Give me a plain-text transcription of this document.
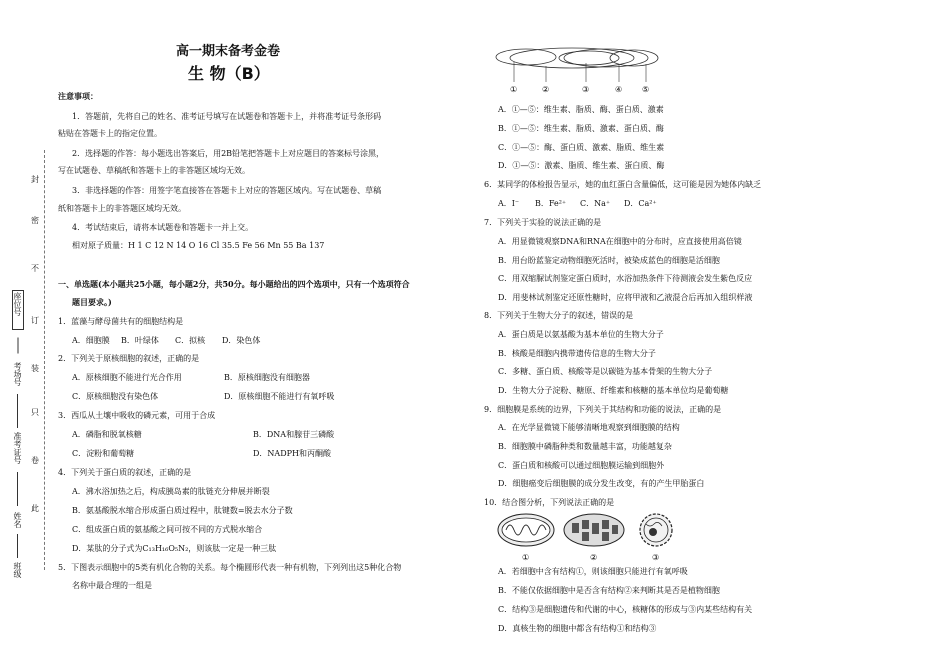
封
密
不
订
装
只
卷
此
座位号
考场号
准考证号
姓名
班级
高一期末备考金卷
生 物（B）
注意事项：
1．答题前，先将自己的姓名、准考证号填写在试题卷和答题卡上，并将准考证号条形码
粘贴在答题卡上的指定位置。
2．选择题的作答：每小题选出答案后，用2B铅笔把答题卡上对应题目的答案标号涂黑，
写在试题卷、草稿纸和答题卡上的非答题区域均无效。
3．非选择题的作答：用签字笔直接答在答题卡上对应的答题区域内。写在试题卷、草稿
纸和答题卡上的非答题区域均无效。
4．考试结束后，请将本试题卷和答题卡一并上交。
相对原子质量：H 1 C 12 N 14 O 16 Cl 35.5 Fe 56 Mn 55 Ba 137
一、单选题(本小题共25小题，每小题2分，共50分。每小题给出的四个选项中，只有一个选项符合
题目要求。)
1．蓝藻与酵母菌共有的细胞结构是
A．细胞膜 B．叶绿体 C．拟核 D．染色体
2．下列关于原核细胞的叙述，正确的是
A．原核细胞不能进行光合作用	B．原核细胞没有细胞器
C．原核细胞没有染色体	D．原核细胞不能进行有氧呼吸
3．西瓜从土壤中吸收的磷元素，可用于合成
A．磷脂和脱氧核糖	B．DNA和腺苷三磷酸
C．淀粉和葡萄糖	D．NADPH和丙酮酸
4．下列关于蛋白质的叙述，正确的是
A．沸水浴加热之后，构成胰岛素的肽链充分伸展并断裂
B．氨基酸脱水缩合形成蛋白质过程中，肽键数=脱去水分子数
C．组成蛋白质的氨基酸之间可按不同的方式脱水缩合
D．某肽的分子式为C₁₃H₁₆O₅N₂，则该肽一定是一种三肽
5．下图表示细胞中的5类有机化合物的关系。每个椭圆形代表一种有机物，下列列出这5种化合物
名称中最合理的一组是
①	②	③	④ ⑤
A．①—⑤：维生素、脂质、酶、蛋白质、激素
B．①—⑤：维生素、脂质、激素、蛋白质、酶
C．①—⑤：酶、蛋白质、激素、脂质、维生素
D．①—⑤：激素、脂质、维生素、蛋白质、酶
6．某同学的体检报告显示，她的血红蛋白含量偏低，这可能是因为她体内缺乏
A．I⁻ B．Fe²⁺ C．Na⁺ D．Ca²⁺
7．下列关于实验的说法正确的是
A．用显微镜观察DNA和RNA在细胞中的分布时，应直接使用高倍镜
B．用台盼蓝鉴定动物细胞死活时，被染成蓝色的细胞是活细胞
C．用双缩脲试剂鉴定蛋白质时，水浴加热条件下待测液会发生紫色反应
D．用斐林试剂鉴定还原性糖时，应将甲液和乙液混合后再加入组织样液
8．下列关于生物大分子的叙述，错误的是
A．蛋白质是以氨基酸为基本单位的生物大分子
B．核酸是细胞内携带遗传信息的生物大分子
C．多糖、蛋白质、核酸等是以碳链为基本骨架的生物大分子
D．生物大分子淀粉、糖原、纤维素和核糖的基本单位均是葡萄糖
9．细胞膜是系统的边界，下列关于其结构和功能的说法，正确的是
A．在光学显微镜下能够清晰地观察到细胞膜的结构
B．细胞膜中磷脂种类和数量越丰富，功能越复杂
C．蛋白质和核酸可以通过细胞膜运输到细胞外
D．细胞癌变后细胞膜的成分发生改变，有的产生甲胎蛋白
10．结合图分析，下列说法正确的是
①	②	③
A．若细胞中含有结构①，则该细胞只能进行有氧呼吸
B．不能仅依据细胞中是否含有结构②来判断其是否是植物细胞
C．结构③是细胞遗传和代谢的中心，核糖体的形成与③内某些结构有关
D．真核生物的细胞中都含有结构①和结构③
